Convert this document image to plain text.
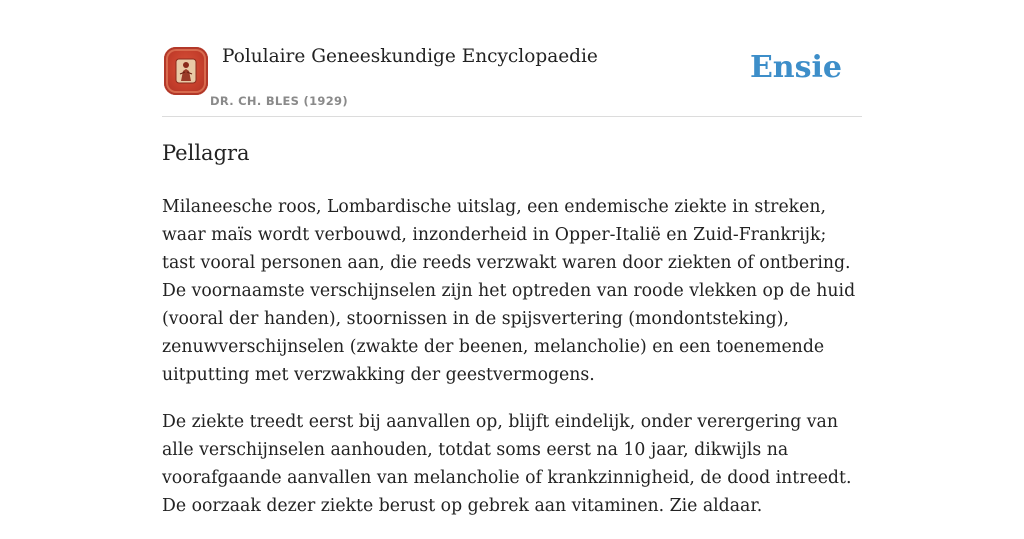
Polulaire Geneeskundige Encyclopaedie
DR. CH. BLES (1929)
Ensie
Pellagra

Milaneesche roos, Lombardische uitslag, een endemische ziekte in streken, waar maïs wordt verbouwd, inzonderheid in Opper-Italië en Zuid-Frankrijk; tast vooral personen aan, die reeds verzwakt waren door ziekten of ontbering. De voornaamste verschijnselen zijn het optreden van roode vlekken op de huid (vooral der handen), stoornissen in de spijsvertering (mondontsteking), zenuwverschijnselen (zwakte der beenen, melancholie) en een toenemende uitputting met verzwakking der geestvermogens.

De ziekte treedt eerst bij aanvallen op, blijft eindelijk, onder verergering van alle verschijnselen aanhouden, totdat soms eerst na 10 jaar, dikwijls na voorafgaande aanvallen van melancholie of krankzinnigheid, de dood intreedt. De oorzaak dezer ziekte berust op gebrek aan vitaminen. Zie aldaar.
